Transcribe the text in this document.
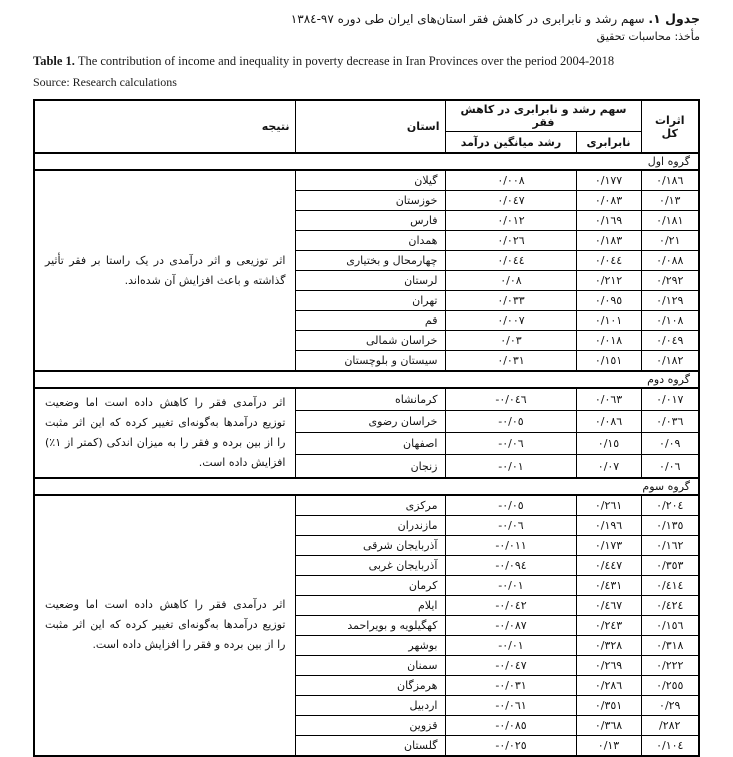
جدول ١. سهم رشد و نابرابری در کاهش فقر استان‌های ایران طی دوره ٩٧-١٣٨٤
مأخذ: محاسبات تحقیق
Table 1. The contribution of income and inequality in poverty decrease in Iran Provinces over the period 2004-2018
Source: Research calculations
اثرات کل	سهم رشد و نابرابری در کاهش فقر		استان	نتیجه
	نابرابری	رشد میانگین درآمد		
گروه اول				
٠/١٨٦	٠/١٧٧	٠/٠٠٨	گیلان	اثر توزیعی و اثر درآمدی در یک راستا بر فقر تأثیر گذاشته و باعث افزایش آن شده‌اند.
٠/١٣	٠/٠٨٣	٠/٠٤٧	خوزستان	
٠/١٨١	٠/١٦٩	٠/٠١٢	فارس	
٠/٢١	٠/١٨٣	٠/٠٢٦	همدان	
٠/٠٨٨	٠/٠٤٤	٠/٠٤٤	چهارمحال و بختیاری	
٠/٢٩٢	٠/٢١٢	٠/٠٨	لرستان	
٠/١٢٩	٠/٠٩٥	٠/٠٣٣	تهران	
٠/١٠٨	٠/١٠١	٠/٠٠٧	قم	
٠/٠٤٩	٠/٠١٨	٠/٠٣	خراسان شمالی	
٠/١٨٢	٠/١٥١	٠/٠٣١	سیستان و بلوچستان	
گروه دوم				
٠/٠١٧	٠/٠٦٣	-٠/٠٤٦	کرمانشاه	اثر درآمدی فقر را کاهش داده است اما وضعیت توزیع درآمدها به‌گونه‌ای تغییر کرده که این اثر مثبت را از بین برده و فقر را به میزان اندکی (کمتر از ١٪) افزایش داده است.
٠/٠٣٦	٠/٠٨٦	-٠/٠٥	خراسان رضوی	
٠/٠٩	٠/١٥	-٠/٠٦	اصفهان	
٠/٠٦	٠/٠٧	-٠/٠١	زنجان	
گروه سوم				
٠/٢٠٤	٠/٢٦١	-٠/٠٥	مرکزی	اثر درآمدی فقر را کاهش داده است اما وضعیت توزیع درآمدها به‌گونه‌ای تغییر کرده که این اثر مثبت را از بین برده و فقر را افزایش داده است.
٠/١٣٥	٠/١٩٦	-٠/٠٦	مازندران	
٠/١٦٢	٠/١٧٣	-٠/٠١١	آذربایجان شرقی	
٠/٣٥٣	٠/٤٤٧	-٠/٠٩٤	آذربایجان غربی	
٠/٤١٤	٠/٤٣١	-٠/٠١	کرمان	
٠/٤٢٤	٠/٤٦٧	-٠/٠٤٢	ایلام	
٠/١٥٦	٠/٢٤٣	-٠/٠٨٧	کهگیلویه و بویراحمد	
٠/٣١٨	٠/٣٢٨	-٠/٠١	بوشهر	
٠/٢٢٢	٠/٢٦٩	-٠/٠٤٧	سمنان	
٠/٢٥٥	٠/٢٨٦	-٠/٠٣١	هرمزگان	
٠/٢٩	٠/٣٥١	-٠/٠٦١	اردبیل	
/٢٨٢	٠/٣٦٨	-٠/٠٨٥	قزوین	
٠/١٠٤	٠/١٣	-٠/٠٢٥	گلستان	
